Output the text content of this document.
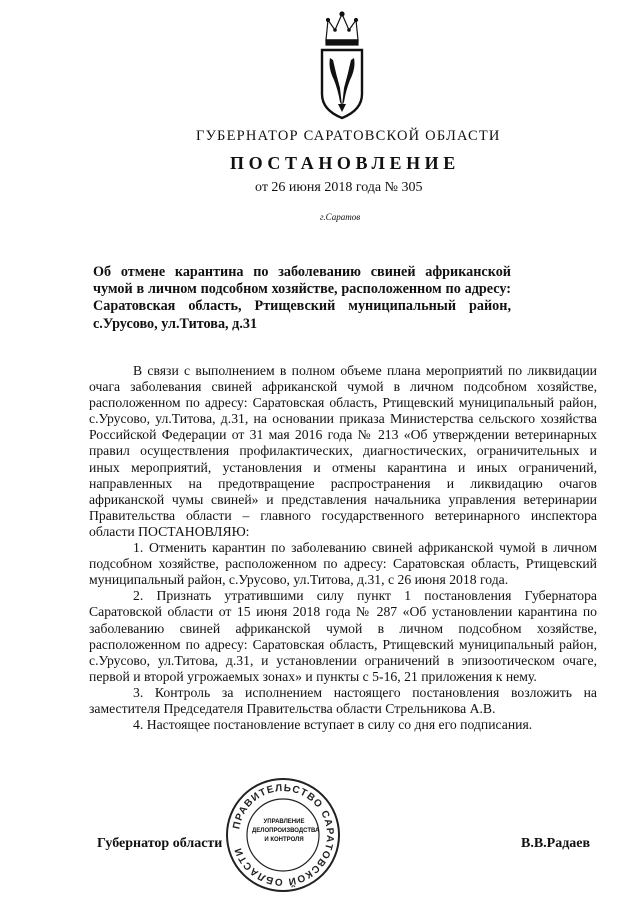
ГУБЕРНАТОР САРАТОВСКОЙ ОБЛАСТИ
ПОСТАНОВЛЕНИЕ
от 26 июня 2018 года № 305
г.Саратов
Об отмене карантина по заболеванию свиней африканской чумой в личном подсобном хозяйстве, расположенном по адресу: Саратовская область, Ртищевский муниципальный район, с.Урусово, ул.Титова, д.31

В связи с выполнением в полном объеме плана мероприятий по ликвидации очага заболевания свиней африканской чумой в личном подсобном хозяйстве, расположенном по адресу: Саратовская область, Ртищевский муниципальный район, с.Урусово, ул.Титова, д.31, на основании приказа Министерства сельского хозяйства Российской Федерации от 31 мая 2016 года № 213 «Об утверждении ветеринарных правил осуществления профилактических, диагностических, ограничительных и иных мероприятий, установления и отмены карантина и иных ограничений, направленных на предотвращение распространения и ликвидацию очагов африканской чумы свиней» и представления начальника управления ветеринарии Правительства области – главного государственного ветеринарного инспектора области ПОСТАНОВЛЯЮ:

1. Отменить карантин по заболеванию свиней африканской чумой в личном подсобном хозяйстве, расположенном по адресу: Саратовская область, Ртищевский муниципальный район, с.Урусово, ул.Титова, д.31, с 26 июня 2018 года.

2. Признать утратившими силу пункт 1 постановления Губернатора Саратовской области от 15 июня 2018 года № 287 «Об установлении карантина по заболеванию свиней африканской чумой в личном подсобном хозяйстве, расположенном по адресу: Саратовская область, Ртищевский муниципальный район, с.Урусово, ул.Титова, д.31, и установлении ограничений в эпизоотическом очаге, первой и второй угрожаемых зонах» и пункты с 5-16, 21 приложения к нему.

3. Контроль за исполнением настоящего постановления возложить на заместителя Председателя Правительства области Стрельникова А.В.

4. Настоящее постановление вступает в силу со дня его подписания.

Губернатор области	В.В.Радаев
ПРАВИТЕЛЬСТВО САРАТОВСКОЙ ОБЛАСТИ
УПРАВЛЕНИЕ
ДЕЛОПРОИЗВОДСТВА
И КОНТРОЛЯ
